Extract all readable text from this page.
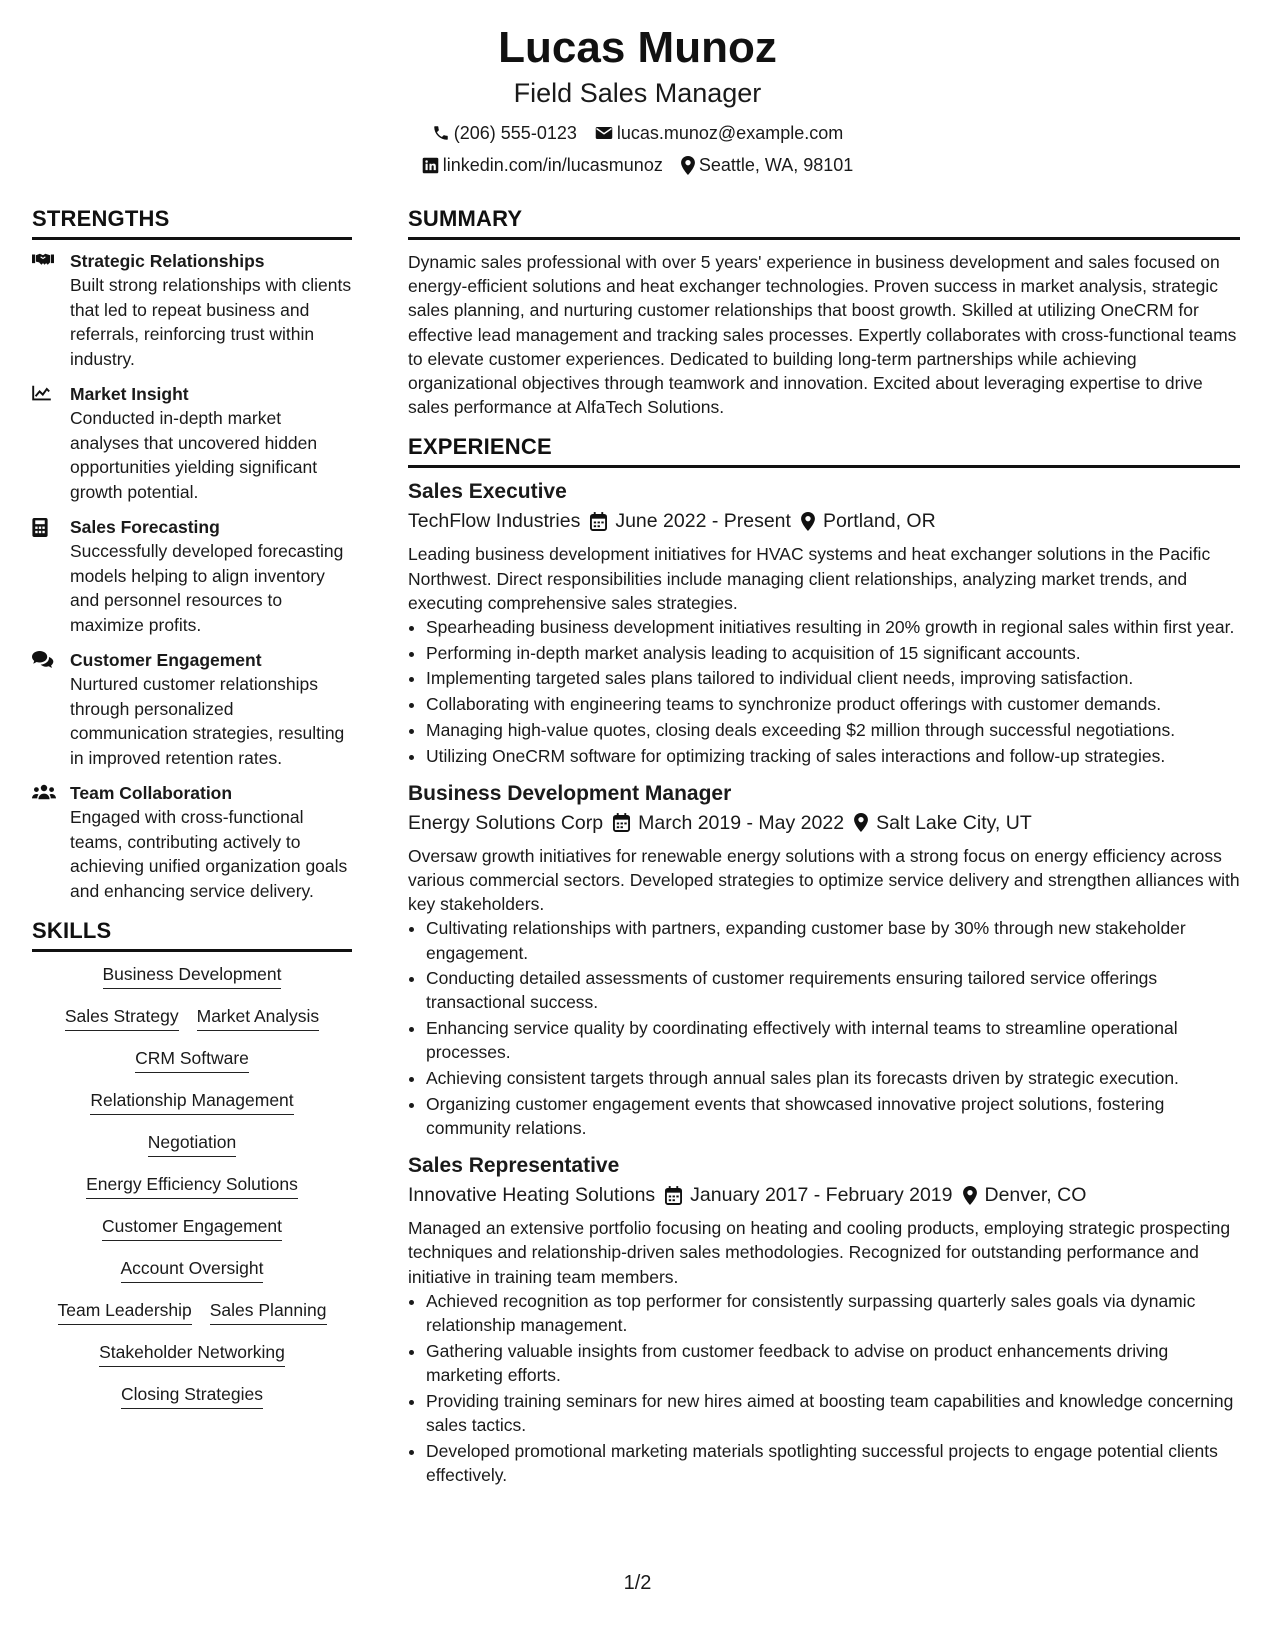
Lucas Munoz
Field Sales Manager
(206) 555-0123 lucas.munoz@example.com
linkedin.com/in/lucasmunoz Seattle, WA, 98101
STRENGTHS
Strategic Relationships
Built strong relationships with clients that led to repeat business and referrals, reinforcing trust within industry.
Market Insight
Conducted in-depth market analyses that uncovered hidden opportunities yielding significant growth potential.
Sales Forecasting
Successfully developed forecasting models helping to align inventory and personnel resources to maximize profits.
Customer Engagement
Nurtured customer relationships through personalized communication strategies, resulting in improved retention rates.
Team Collaboration
Engaged with cross-functional teams, contributing actively to achieving unified organization goals and enhancing service delivery.
SKILLS
Business Development
Sales Strategy Market Analysis
CRM Software
Relationship Management
Negotiation
Energy Efficiency Solutions
Customer Engagement
Account Oversight
Team Leadership Sales Planning
Stakeholder Networking
Closing Strategies
SUMMARY
Dynamic sales professional with over 5 years' experience in business development and sales focused on energy-efficient solutions and heat exchanger technologies. Proven success in market analysis, strategic sales planning, and nurturing customer relationships that boost growth. Skilled at utilizing OneCRM for effective lead management and tracking sales processes. Expertly collaborates with cross-functional teams to elevate customer experiences. Dedicated to building long-term partnerships while achieving organizational objectives through teamwork and innovation. Excited about leveraging expertise to drive sales performance at AlfaTech Solutions.
EXPERIENCE
Sales Executive
TechFlow Industries June 2022 - Present Portland, OR
Leading business development initiatives for HVAC systems and heat exchanger solutions in the Pacific Northwest. Direct responsibilities include managing client relationships, analyzing market trends, and executing comprehensive sales strategies.
• Spearheading business development initiatives resulting in 20% growth in regional sales within first year.
• Performing in-depth market analysis leading to acquisition of 15 significant accounts.
• Implementing targeted sales plans tailored to individual client needs, improving satisfaction.
• Collaborating with engineering teams to synchronize product offerings with customer demands.
• Managing high-value quotes, closing deals exceeding $2 million through successful negotiations.
• Utilizing OneCRM software for optimizing tracking of sales interactions and follow-up strategies.
Business Development Manager
Energy Solutions Corp March 2019 - May 2022 Salt Lake City, UT
Oversaw growth initiatives for renewable energy solutions with a strong focus on energy efficiency across various commercial sectors. Developed strategies to optimize service delivery and strengthen alliances with key stakeholders.
• Cultivating relationships with partners, expanding customer base by 30% through new stakeholder engagement.
• Conducting detailed assessments of customer requirements ensuring tailored service offerings transactional success.
• Enhancing service quality by coordinating effectively with internal teams to streamline operational processes.
• Achieving consistent targets through annual sales plan its forecasts driven by strategic execution.
• Organizing customer engagement events that showcased innovative project solutions, fostering community relations.
Sales Representative
Innovative Heating Solutions January 2017 - February 2019 Denver, CO
Managed an extensive portfolio focusing on heating and cooling products, employing strategic prospecting techniques and relationship-driven sales methodologies. Recognized for outstanding performance and initiative in training team members.
• Achieved recognition as top performer for consistently surpassing quarterly sales goals via dynamic relationship management.
• Gathering valuable insights from customer feedback to advise on product enhancements driving marketing efforts.
• Providing training seminars for new hires aimed at boosting team capabilities and knowledge concerning sales tactics.
• Developed promotional marketing materials spotlighting successful projects to engage potential clients effectively.
1/2
